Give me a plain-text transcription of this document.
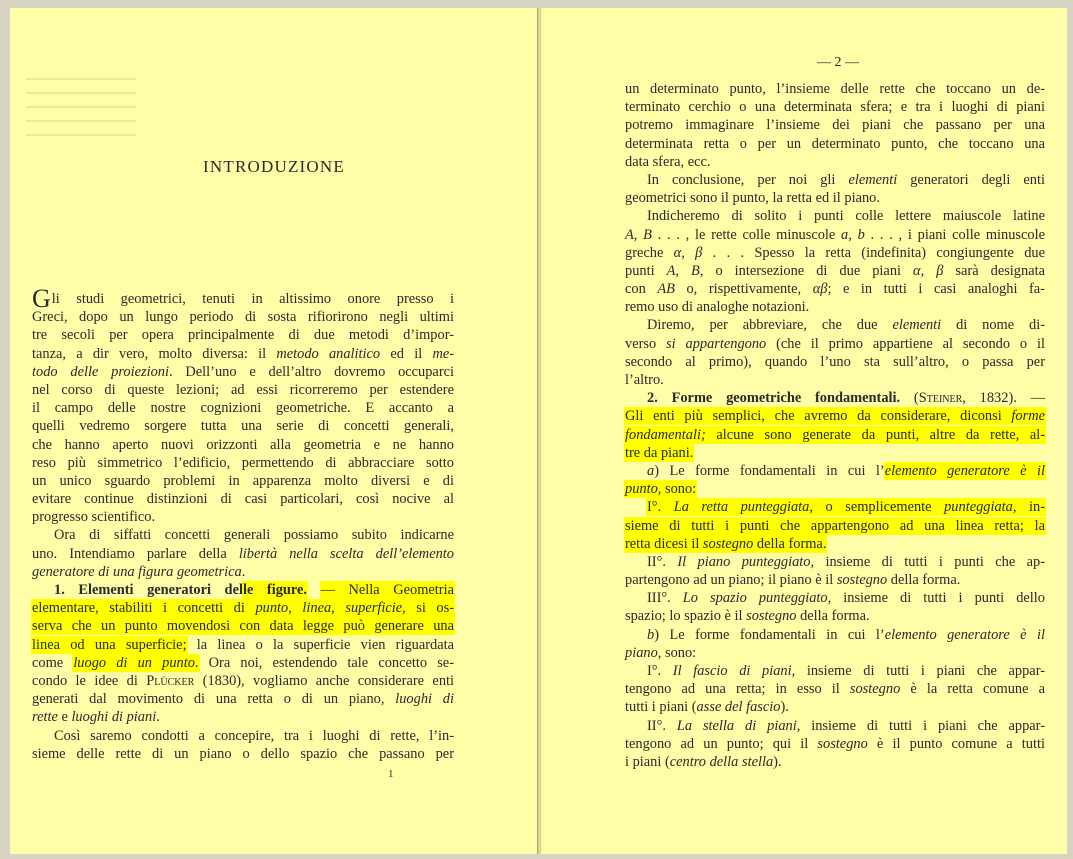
INTRODUZIONE
Gli studi geometrici, tenuti in altissimo onore presso i
Greci, dopo un lungo periodo di sosta rifiorirono negli ultimi
tre secoli per opera principalmente di due metodi d’impor-
tanza, a dir vero, molto diversa: il metodo analitico ed il me-
todo delle proiezioni. Dell’uno e dell’altro dovremo occuparci
nel corso di queste lezioni; ad essi ricorreremo per estendere
il campo delle nostre cognizioni geometriche. E accanto a
quelli vedremo sorgere tutta una serie di concetti generali,
che hanno aperto nuovi orizzonti alla geometria e ne hanno
reso più simmetrico l’edificio, permettendo di abbracciare sotto
un unico sguardo problemi in apparenza molto diversi e di
evitare continue distinzioni di casi particolari, così nocive al
progresso scientifico.
Ora di siffatti concetti generali possiamo subito indicarne
uno. Intendiamo parlare della libertà nella scelta dell’elemento
generatore di una figura geometrica.
1. Elementi generatori delle figure. — Nella Geometria
elementare, stabiliti i concetti di punto, linea, superficie, si os-
serva che un punto movendosi con data legge può generare una
linea od una superficie; la linea o la superficie vien riguardata
come luogo di un punto. Ora noi, estendendo tale concetto se-
condo le idee di Plücker (1830), vogliamo anche considerare enti
generati dal movimento di una retta o di un piano, luoghi di
rette e luoghi di piani.
Così saremo condotti a concepire, tra i luoghi di rette, l’in-
sieme delle rette di un piano o dello spazio che passano per
1
— 2 —
un determinato punto, l’insieme delle rette che toccano un de-
terminato cerchio o una determinata sfera; e tra i luoghi di piani
potremo immaginare l’insieme dei piani che passano per una
determinata retta o per un determinato punto, che toccano una
data sfera, ecc.
In conclusione, per noi gli elementi generatori degli enti
geometrici sono il punto, la retta ed il piano.
Indicheremo di solito i punti colle lettere maiuscole latine
A, B . . . , le rette colle minuscole a, b . . . , i piani colle minuscole
greche α, β . . . Spesso la retta (indefinita) congiungente due
punti A, B, o intersezione di due piani α, β sarà designata
con AB o, rispettivamente, αβ; e in tutti i casi analoghi fa-
remo uso di analoghe notazioni.
Diremo, per abbreviare, che due elementi di nome di-
verso si appartengono (che il primo appartiene al secondo o il
secondo al primo), quando l’uno sta sull’altro, o passa per
l’altro.
2. Forme geometriche fondamentali. (Steiner, 1832). —
Gli enti più semplici, che avremo da considerare, diconsi forme
fondamentali; alcune sono generate da punti, altre da rette, al-
tre da piani.
a) Le forme fondamentali in cui l’elemento generatore è il
punto, sono:
I°. La retta punteggiata, o semplicemente punteggiata, in-
sieme di tutti i punti che appartengono ad una linea retta; la
retta dicesi il sostegno della forma.
II°. Il piano punteggiato, insieme di tutti i punti che ap-
partengono ad un piano; il piano è il sostegno della forma.
III°. Lo spazio punteggiato, insieme di tutti i punti dello
spazio; lo spazio è il sostegno della forma.
b) Le forme fondamentali in cui l’elemento generatore è il
piano, sono:
I°. Il fascio di piani, insieme di tutti i piani che appar-
tengono ad una retta; in esso il sostegno è la retta comune a
tutti i piani (asse del fascio).
II°. La stella di piani, insieme di tutti i piani che appar-
tengono ad un punto; qui il sostegno è il punto comune a tutti
i piani (centro della stella).
